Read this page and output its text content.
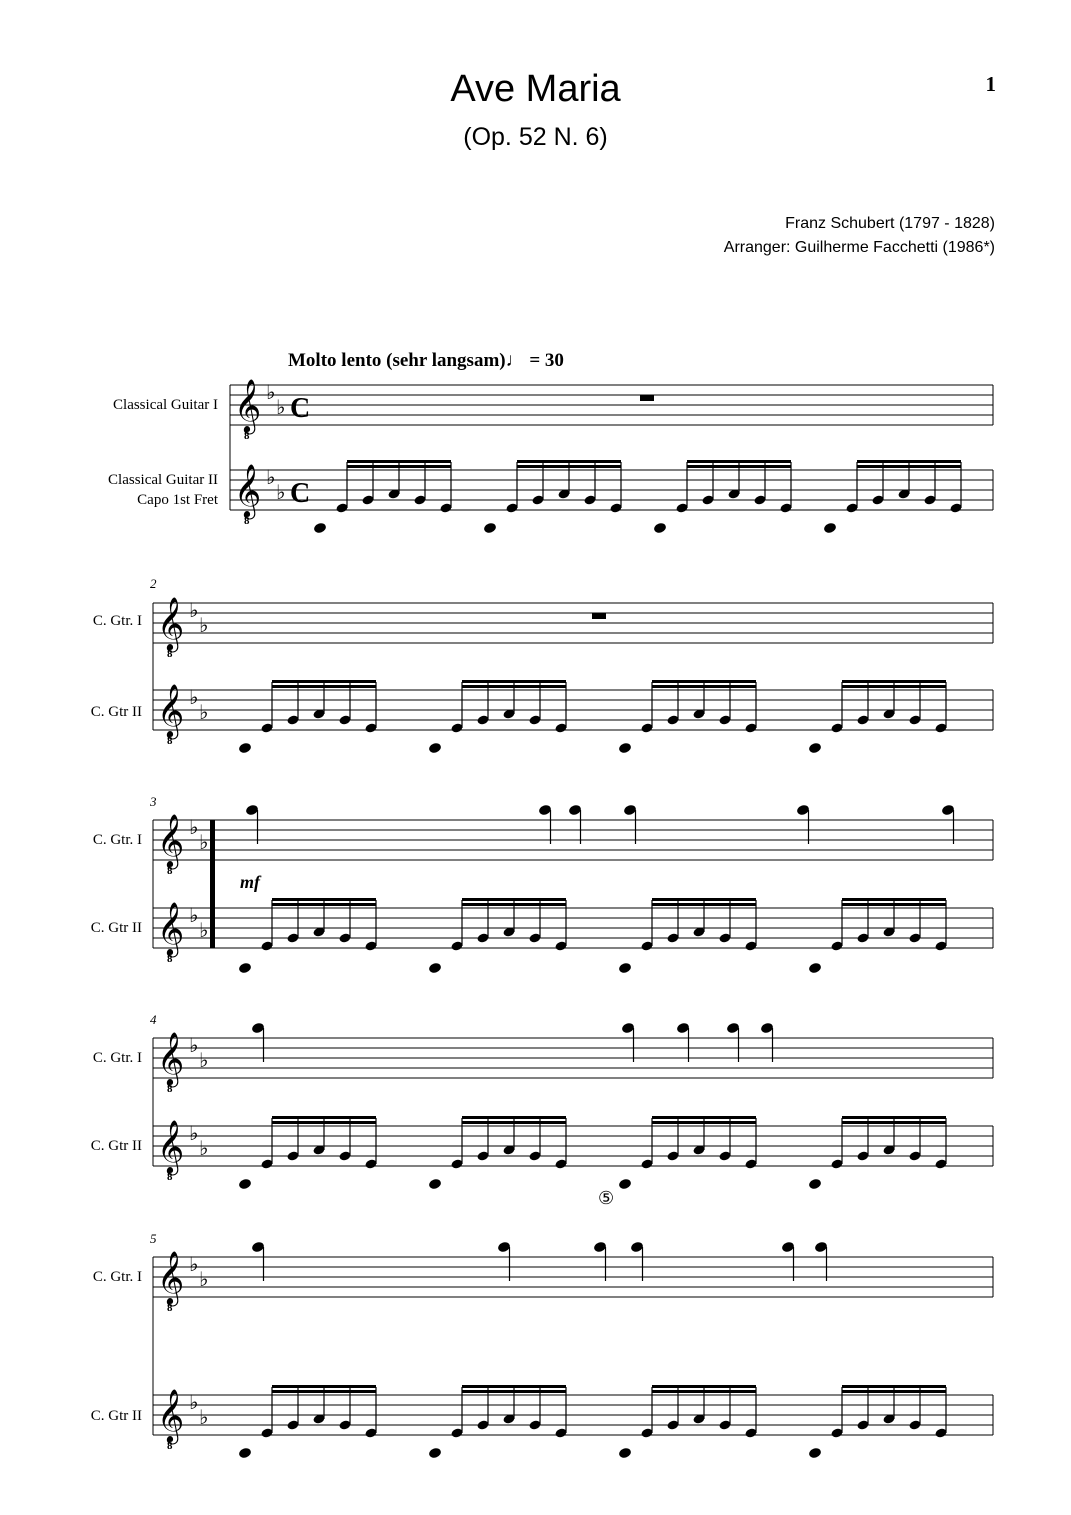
Ave Maria
(Op. 52 N. 6)
1
Franz Schubert (1797 - 1828)
Arranger: Guilherme Facchetti (1986*)
Molto lento (sehr langsam)♩ = 30
Classical Guitar I
Classical Guitar II
Capo 1st Fret
C. Gtr. I
C. Gtr II
C. Gtr. I
C. Gtr II
C. Gtr. I
C. Gtr II
C. Gtr. I
C. Gtr II
2
3
4
5
mf
⑤
𝄞
8
♭
♭
𝄞
8
♭
♭
C
C
𝄞
8
♭
♭
𝄞
8
♭
♭
𝄞
8
♭
♭
𝄞
8
♭
♭
𝄞
8
♭
♭
𝄞
8
♭
♭
𝄞
8
♭
♭
𝄞
8
♭
♭
